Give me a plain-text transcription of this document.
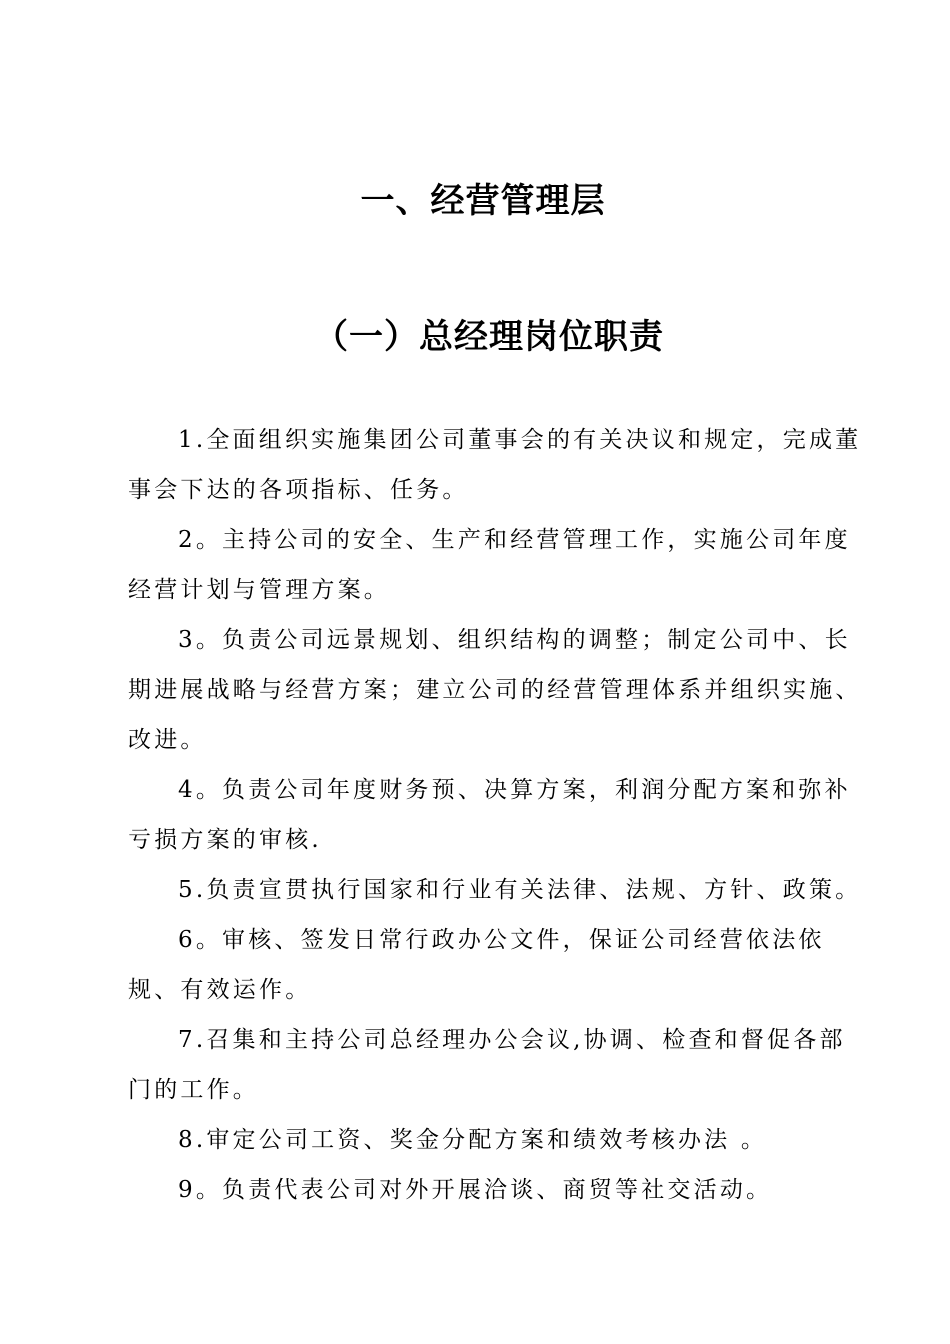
一、经营管理层
（一）总经理岗位职责

1.全面组织实施集团公司董事会的有关决议和规定，完成董事会下达的各项指标、任务。

2。主持公司的安全、生产和经营管理工作，实施公司年度经营计划与管理方案。

3。负责公司远景规划、组织结构的调整；制定公司中、长期进展战略与经营方案；建立公司的经营管理体系并组织实施、改进。

4。负责公司年度财务预、决算方案，利润分配方案和弥补亏损方案的审核.

5.负责宣贯执行国家和行业有关法律、法规、方针、政策。

6。审核、签发日常行政办公文件，保证公司经营依法依规、有效运作。

7.召集和主持公司总经理办公会议,协调、检查和督促各部门的工作。

8.审定公司工资、奖金分配方案和绩效考核办法 。

9。负责代表公司对外开展洽谈、商贸等社交活动。
